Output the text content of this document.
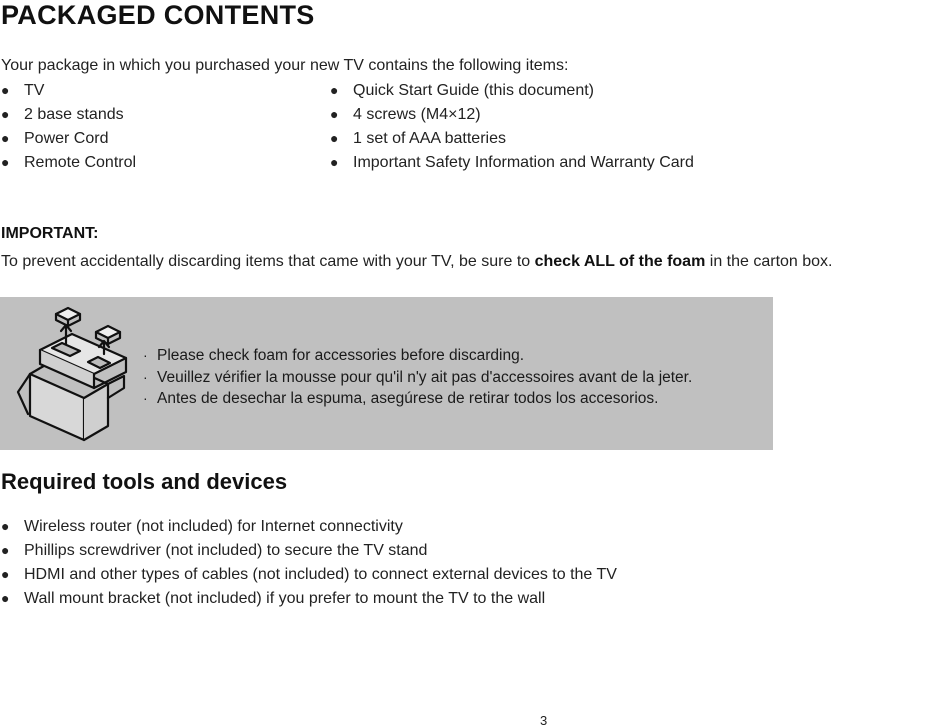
PACKAGED CONTENTS
Your package in which you purchased your new TV contains the following items:
● TV
● 2 base stands
● Power Cord
● Remote Control
● Quick Start Guide (this document)
● 4 screws (M4×12)
● 1 set of AAA batteries
● Important Safety Information and Warranty Card
IMPORTANT:
To prevent accidentally discarding items that came with your TV, be sure to check ALL of the foam in the carton box.
· Please check foam for accessories before discarding.
· Veuillez vérifier la mousse pour qu'il n'y ait pas d'accessoires avant de la jeter.
· Antes de desechar la espuma, asegúrese de retirar todos los accesorios.
Required tools and devices
● Wireless router (not included) for Internet connectivity
● Phillips screwdriver (not included) to secure the TV stand
● HDMI and other types of cables (not included) to connect external devices to the TV
● Wall mount bracket (not included) if you prefer to mount the TV to the wall
3
